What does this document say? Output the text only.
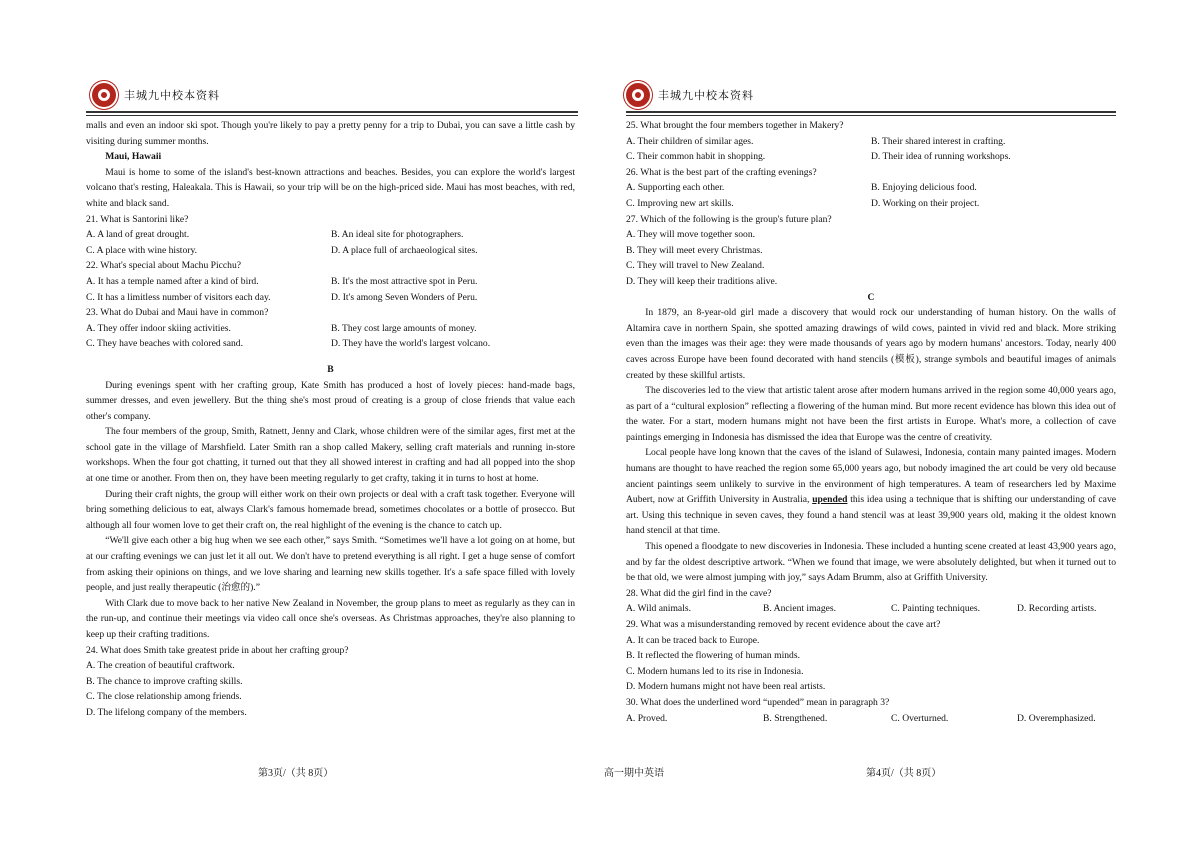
丰城九中校本资料	丰城九中校本资料

malls and even an indoor ski spot. Though you're likely to pay a pretty penny for a trip to Dubai, you can save a little cash by visiting during summer months.

Maui, Hawaii

Maui is home to some of the island's best-known attractions and beaches. Besides, you can explore the world's largest volcano that's resting, Haleakala. This is Hawaii, so your trip will be on the high-priced side. Maui has most beaches, with red, white and black sand.

21. What is Santorini like?

A. A land of great drought.	B. An ideal site for photographers.
C. A place with wine history.	D. A place full of archaeological sites.

22. What's special about Machu Picchu?

A. It has a temple named after a kind of bird.	B. It's the most attractive spot in Peru.
C. It has a limitless number of visitors each day.	D. It's among Seven Wonders of Peru.

23. What do Dubai and Maui have in common?

A. They offer indoor skiing activities.	B. They cost large amounts of money.
C. They have beaches with colored sand.	D. They have the world's largest volcano.

B

During evenings spent with her crafting group, Kate Smith has produced a host of lovely pieces: hand-made bags, summer dresses, and even jewellery. But the thing she's most proud of creating is a group of close friends that value each other's company.

The four members of the group, Smith, Ratnett, Jenny and Clark, whose children were of the similar ages, first met at the school gate in the village of Marshfield. Later Smith ran a shop called Makery, selling craft materials and running in-store workshops. When the four got chatting, it turned out that they all showed interest in crafting and had all popped into the shop at one time or another. From then on, they have been meeting regularly to get crafty, taking it in turns to host at home.

During their craft nights, the group will either work on their own projects or deal with a craft task together. Everyone will bring something delicious to eat, always Clark's famous homemade bread, sometimes chocolates or a bottle of prosecco. But although all four women love to get their craft on, the real highlight of the evening is the chance to catch up.

“We'll give each other a big hug when we see each other,” says Smith. “Sometimes we'll have a lot going on at home, but at our crafting evenings we can just let it all out. We don't have to pretend everything is all right. I get a huge sense of comfort from asking their opinions on things, and we love sharing and learning new skills together. It's a safe space filled with lovely people, and just really therapeutic (治愈的).”

With Clark due to move back to her native New Zealand in November, the group plans to meet as regularly as they can in the run-up, and continue their meetings via video call once she's overseas. As Christmas approaches, they're also planning to keep up their crafting traditions.

24. What does Smith take greatest pride in about her crafting group?

A. The creation of beautiful craftwork.

B. The chance to improve crafting skills.

C. The close relationship among friends.

D. The lifelong company of the members.

25. What brought the four members together in Makery?

A. Their children of similar ages.	B. Their shared interest in crafting.
C. Their common habit in shopping.	D. Their idea of running workshops.

26. What is the best part of the crafting evenings?

A. Supporting each other.	B. Enjoying delicious food.
C. Improving new art skills.	D. Working on their project.

27. Which of the following is the group's future plan?

A. They will move together soon.

B. They will meet every Christmas.

C. They will travel to New Zealand.

D. They will keep their traditions alive.

C

In 1879, an 8-year-old girl made a discovery that would rock our understanding of human history. On the walls of Altamira cave in northern Spain, she spotted amazing drawings of wild cows, painted in vivid red and black. More striking even than the images was their age: they were made thousands of years ago by modern humans' ancestors. Today, nearly 400 caves across Europe have been found decorated with hand stencils (模板), strange symbols and beautiful images of animals created by these skillful artists.

The discoveries led to the view that artistic talent arose after modern humans arrived in the region some 40,000 years ago, as part of a “cultural explosion” reflecting a flowering of the human mind. But more recent evidence has blown this idea out of the water. For a start, modern humans might not have been the first artists in Europe. What's more, a collection of cave paintings emerging in Indonesia has dismissed the idea that Europe was the centre of creativity.

Local people have long known that the caves of the island of Sulawesi, Indonesia, contain many painted images. Modern humans are thought to have reached the region some 65,000 years ago, but nobody imagined the art could be very old because ancient paintings seem unlikely to survive in the environment of high temperatures. A team of researchers led by Maxime Aubert, now at Griffith University in Australia, upended this idea using a technique that is shifting our understanding of cave art. Using this technique in seven caves, they found a hand stencil was at least 39,900 years old, making it the oldest known hand stencil at that time.

This opened a floodgate to new discoveries in Indonesia. These included a hunting scene created at least 43,900 years ago, and by far the oldest descriptive artwork. “When we found that image, we were absolutely delighted, but when it turned out to be that old, we were almost jumping with joy,” says Adam Brumm, also at Griffith University.

28. What did the girl find in the cave?

A. Wild animals.	B. Ancient images.	C. Painting techniques.	D. Recording artists.

29. What was a misunderstanding removed by recent evidence about the cave art?

A. It can be traced back to Europe.

B. It reflected the flowering of human minds.

C. Modern humans led to its rise in Indonesia.

D. Modern humans might not have been real artists.

30. What does the underlined word “upended” mean in paragraph 3?

A. Proved.	B. Strengthened.	C. Overturned.	D. Overemphasized.
第3页/（共 8页）	高一期中英语	第4页/（共 8页）
